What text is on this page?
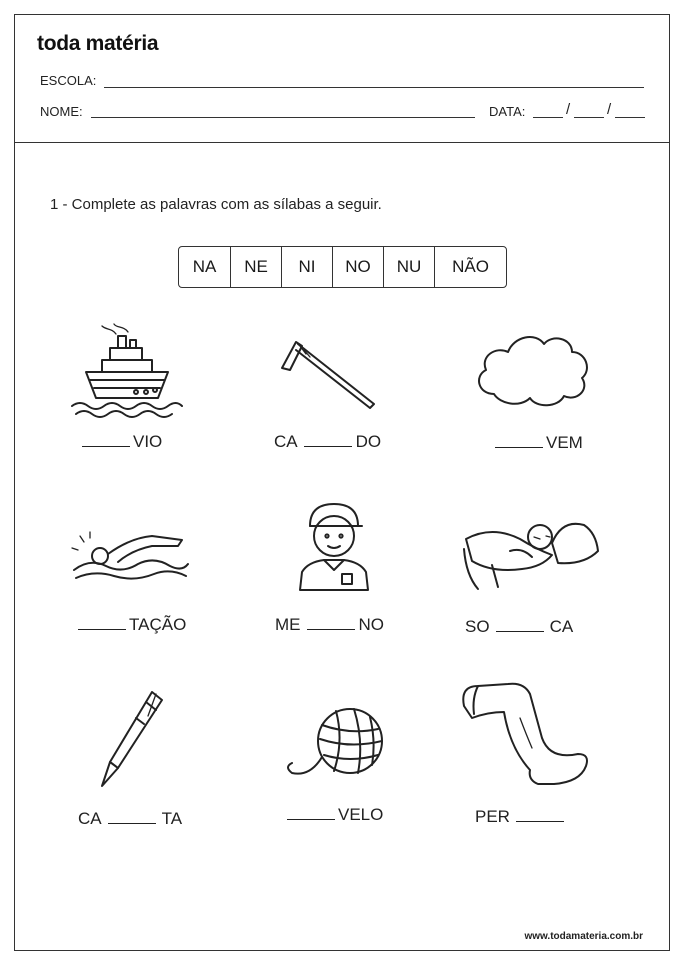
toda matéria
ESCOLA:
NOME:	DATA:	/ /
1 - Complete as palavras com as sílabas a seguir.
NA	NE	NI	NO	NU	NÃO
VIO	CA	DO	VEM
TAÇÃO	ME	NO	SO	CA
CA	TA	VELO	PER
www.todamateria.com.br
